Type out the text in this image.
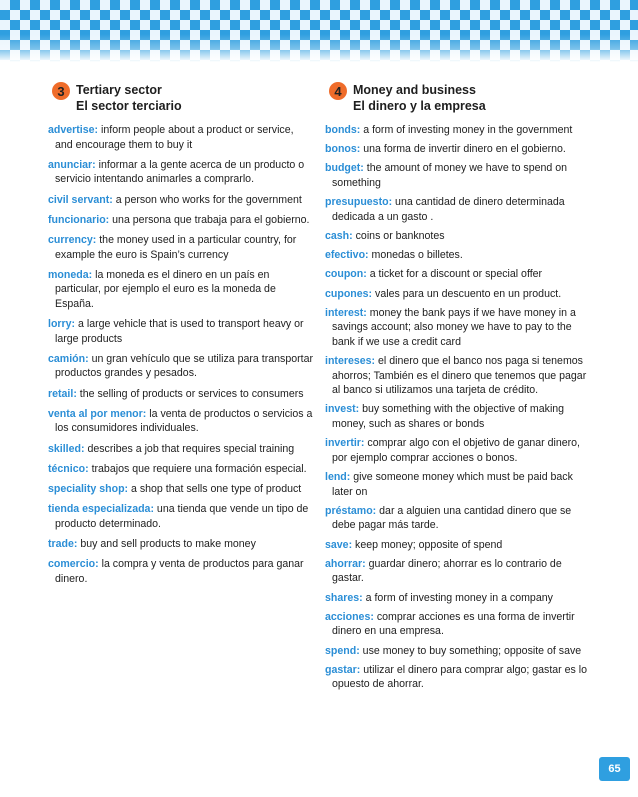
3 Tertiary sector
El sector terciario
advertise: inform people about a product or service, and encourage them to buy it
anunciar: informar a la gente acerca de un producto o servicio intentando animarles a comprarlo.
civil servant: a person who works for the government
funcionario: una persona que trabaja para el gobierno.
currency: the money used in a particular country, for example the euro is Spain’s currency
moneda: la moneda es el dinero en un país en particular, por ejemplo el euro es la moneda de España.
lorry: a large vehicle that is used to transport heavy or large products
camión: un gran vehículo que se utiliza para transportar productos grandes y pesados.
retail: the selling of products or services to consumers
venta al por menor: la venta de productos o servicios a los consumidores individuales.
skilled: describes a job that requires special training
técnico: trabajos que requiere una formación especial.
speciality shop: a shop that sells one type of product
tienda especializada: una tienda que vende un tipo de producto determinado.
trade: buy and sell products to make money
comercio: la compra y venta de productos para ganar dinero.
4 Money and business
El dinero y la empresa
bonds: a form of investing money in the government
bonos: una forma de invertir dinero en el gobierno.
budget: the amount of money we have to spend on something
presupuesto: una cantidad de dinero determinada dedicada a un gasto .
cash: coins or banknotes
efectivo: monedas o billetes.
coupon: a ticket for a discount or special offer
cupones: vales para un descuento en un product.
interest: money the bank pays if we have money in a savings account; also money we have to pay to the bank if we use a credit card
intereses: el dinero que el banco nos paga si tenemos ahorros; También es el dinero que tenemos que pagar al banco si utilizamos una tarjeta de crédito.
invest: buy something with the objective of making money, such as shares or bonds
invertir: comprar algo con el objetivo de ganar dinero, por ejemplo comprar acciones o bonos.
lend: give someone money which must be paid back later on
préstamo: dar a alguien una cantidad dinero que se debe pagar más tarde.
save: keep money; opposite of spend
ahorrar: guardar dinero; ahorrar es lo contrario de gastar.
shares: a form of investing money in a company
acciones: comprar acciones es una forma de invertir dinero en una empresa.
spend: use money to buy something; opposite of save
gastar: utilizar el dinero para comprar algo; gastar es lo opuesto de ahorrar.
65
